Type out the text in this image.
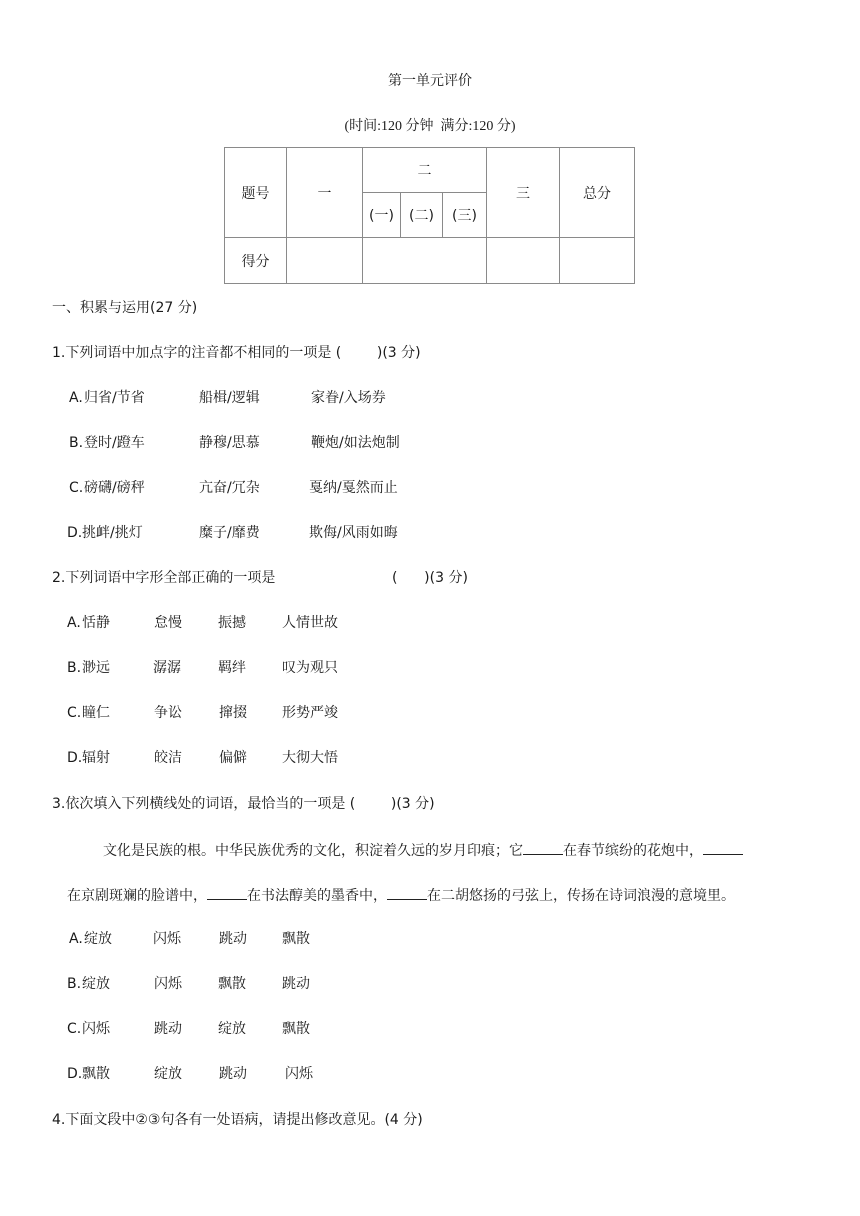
第一单元评价
(时间:120 分钟  满分:120 分)
题号	一	二			三	总分
		(一)	(二)	(三)		
得分						
一、积累与运用(27 分)
1.下列词语中加点字的注音都不相同的一项是 (        )(3 分)
A. 归省/节省	船楫/逻辑	家眷/入场券
B. 登时/蹬车	静穆/思慕	鞭炮/如法炮制
C. 磅礴/磅秤	亢奋/冗杂	戛纳/戛然而止
D. 挑衅/挑灯	糜子/靡费	欺侮/风雨如晦
2.下列词语中字形全部正确的一项是	(      )(3 分)
A. 恬静	怠慢	振撼	人情世故
B. 渺远	潺潺	羁绊	叹为观只
C. 瞳仁	争讼	撺掇	形势严竣
D. 辐射	皎洁	偏僻	大彻大悟
3.依次填入下列横线处的词语，最恰当的一项是 (        )(3 分)
文化是民族的根。中华民族优秀的文化，积淀着久远的岁月印痕；它	在春节缤纷的花炮中，
在京剧斑斓的脸谱中，	在书法醇美的墨香中，	在二胡悠扬的弓弦上，传扬在诗词浪漫的意境里。
A. 绽放	闪烁	跳动	飘散
B. 绽放	闪烁	飘散	跳动
C. 闪烁	跳动	绽放	飘散
D. 飘散	绽放	跳动	闪烁
4.下面文段中②③句各有一处语病，请提出修改意见。(4 分)
